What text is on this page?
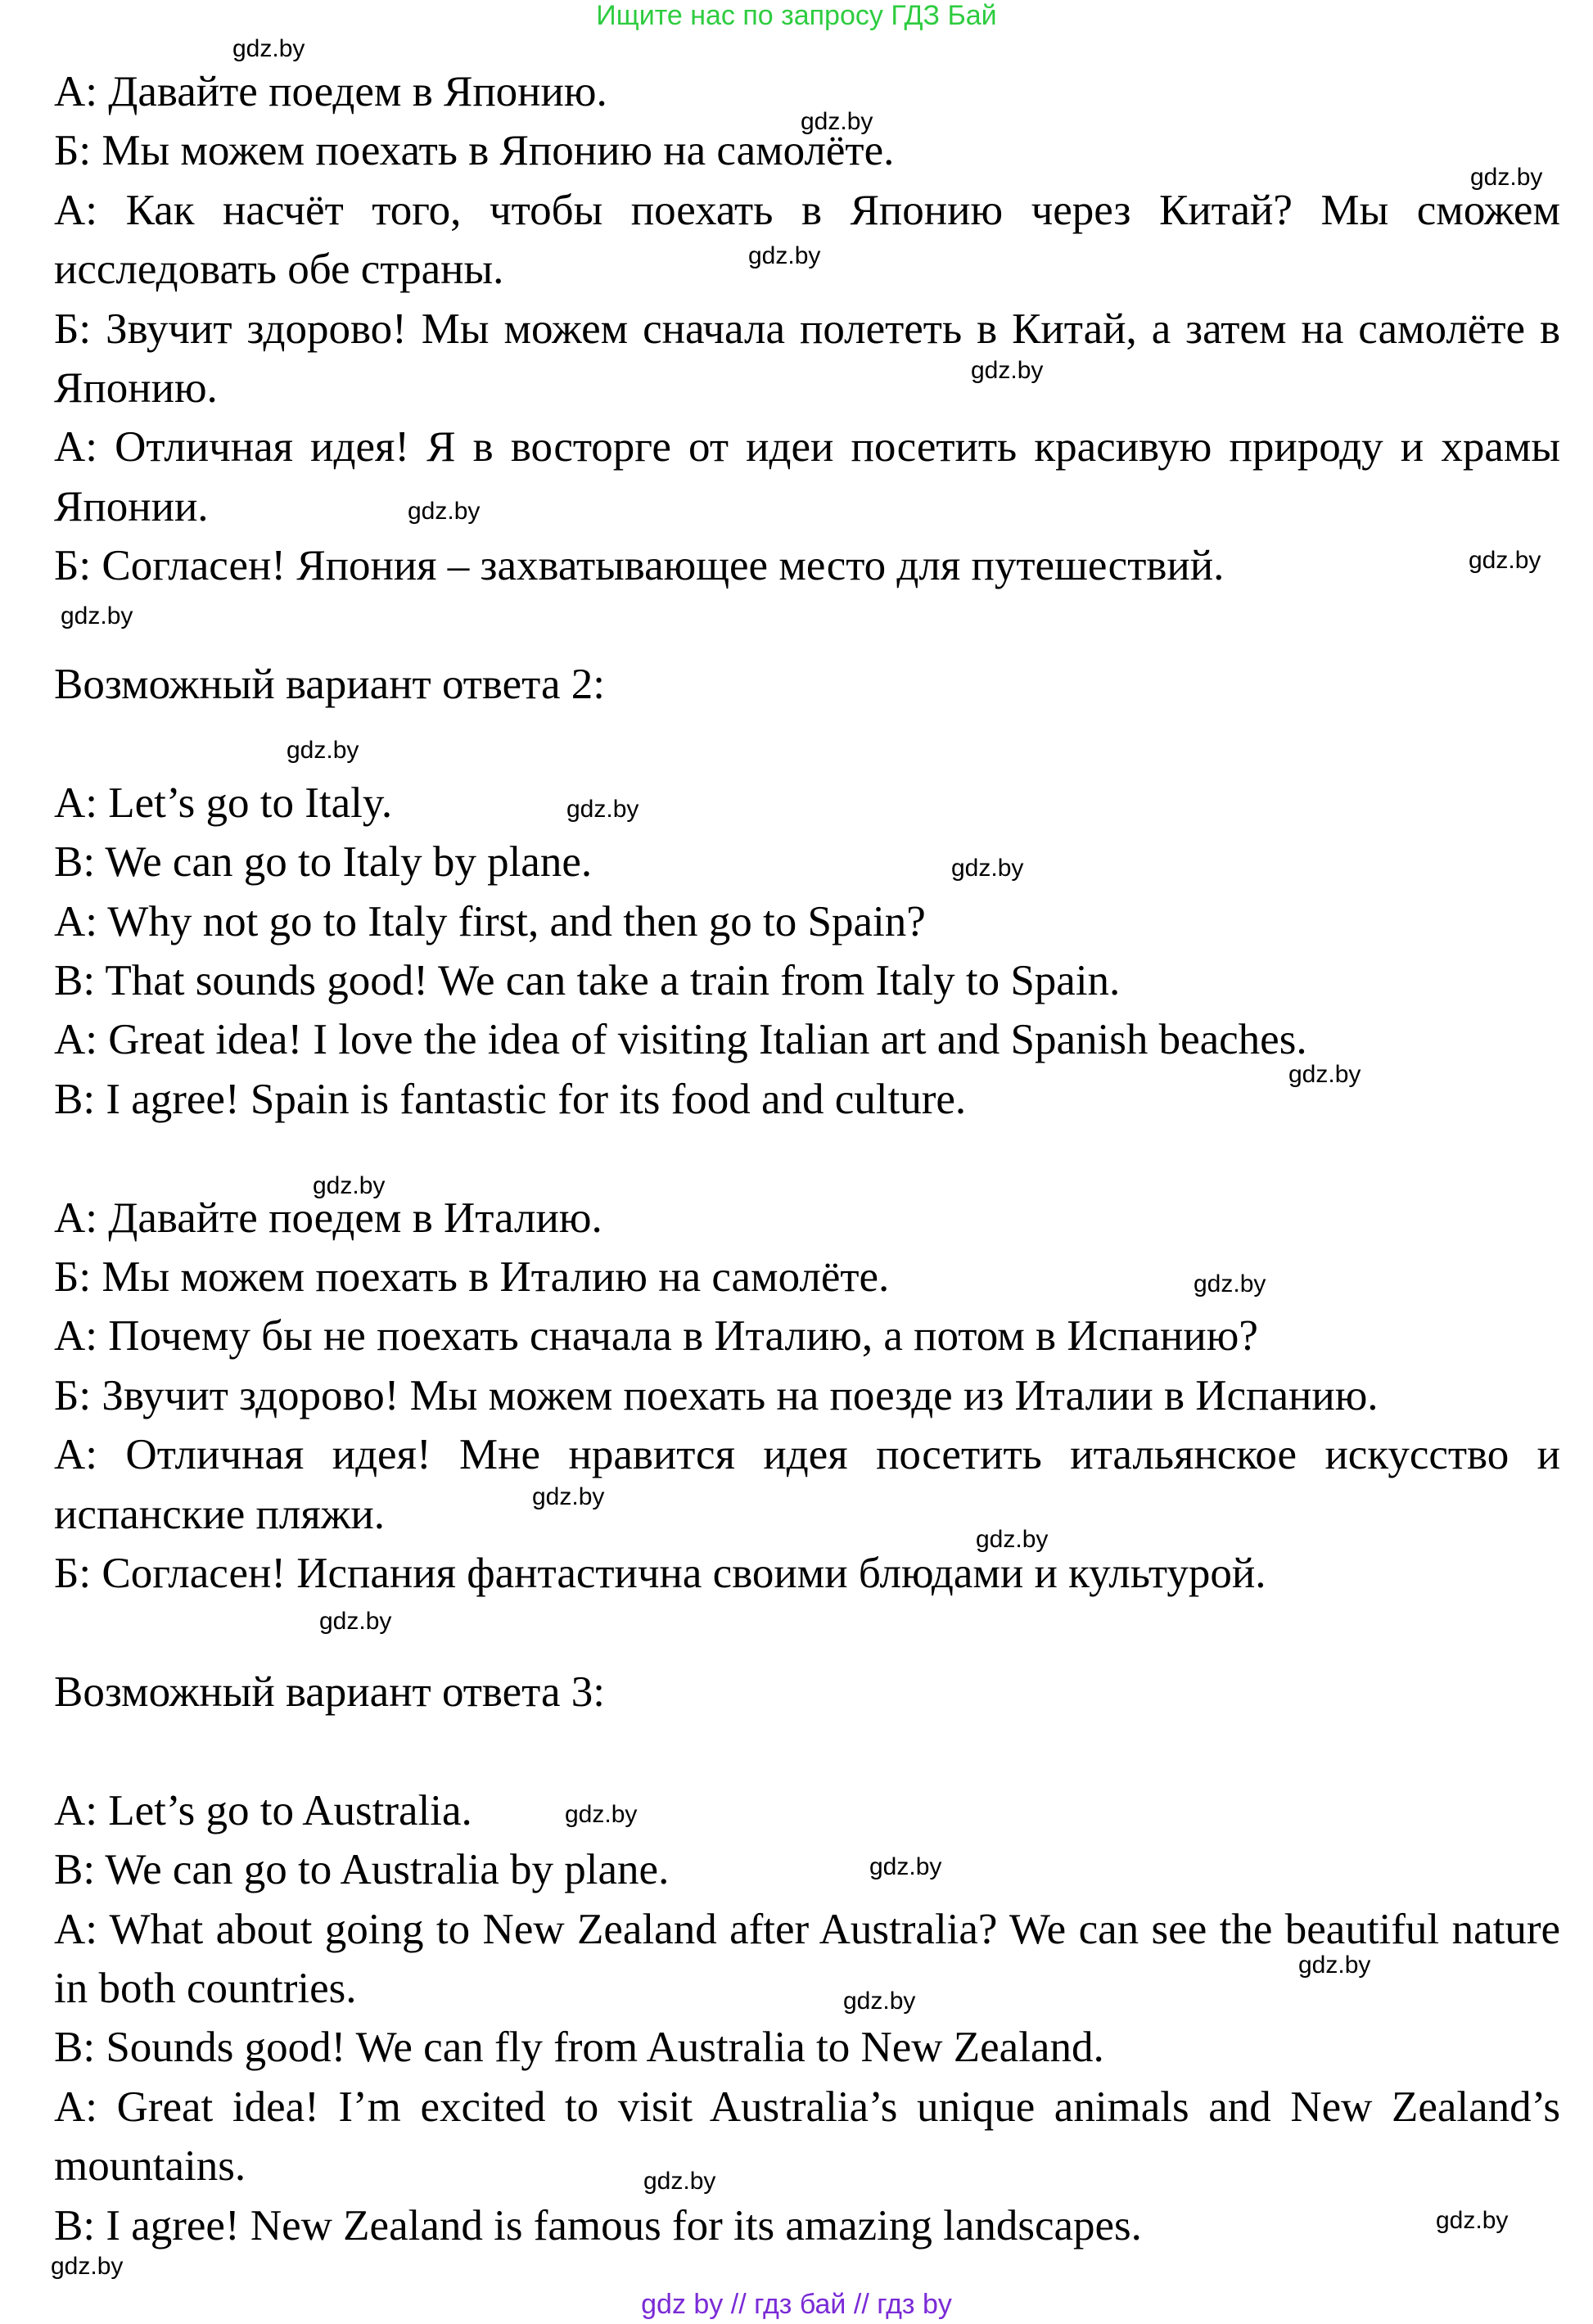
Ищите нас по запросу ГДЗ Бай

А: Давайте поедем в Японию.

Б: Мы можем поехать в Японию на самолёте.

А: Как насчёт того, чтобы поехать в Японию через Китай? Мы сможем исследовать обе страны.

Б: Звучит здорово! Мы можем сначала полететь в Китай, а затем на самолёте в Японию.

А: Отличная идея! Я в восторге от идеи посетить красивую природу и храмы Японии.

Б: Согласен! Япония – захватывающее место для путешествий.

Возможный вариант ответа 2:

A: Let’s go to Italy.

B: We can go to Italy by plane.

A: Why not go to Italy first, and then go to Spain?

B: That sounds good! We can take a train from Italy to Spain.

A: Great idea! I love the idea of visiting Italian art and Spanish beaches.

B: I agree! Spain is fantastic for its food and culture.

А: Давайте поедем в Италию.

Б: Мы можем поехать в Италию на самолёте.

А: Почему бы не поехать сначала в Италию, а потом в Испанию?

Б: Звучит здорово! Мы можем поехать на поезде из Италии в Испанию.

А: Отличная идея! Мне нравится идея посетить итальянское искусство и испанские пляжи.

Б: Согласен! Испания фантастична своими блюдами и культурой.

Возможный вариант ответа 3:

A: Let’s go to Australia.

B: We can go to Australia by plane.

A: What about going to New Zealand after Australia? We can see the beautiful nature in both countries.

B: Sounds good! We can fly from Australia to New Zealand.

A: Great idea! I’m excited to visit Australia’s unique animals and New Zealand’s mountains.

B: I agree! New Zealand is famous for its amazing landscapes.

gdz.by
gdz.by
gdz.by
gdz.by
gdz.by
gdz.by
gdz.by
gdz.by
gdz.by
gdz.by
gdz.by
gdz.by
gdz.by
gdz.by
gdz.by
gdz.by
gdz.by
gdz.by
gdz.by
gdz.by
gdz.by
gdz.by
gdz.by
gdz.by
gdz by // гдз бай // гдз by
